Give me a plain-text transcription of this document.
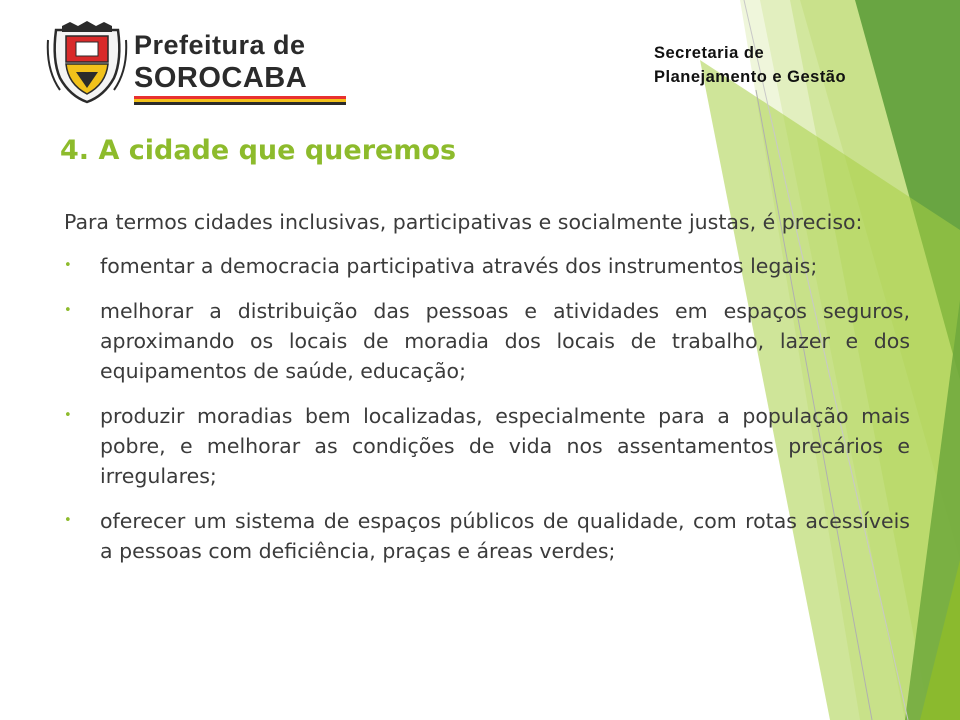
Prefeitura de
SOROCABA
Secretaria de
Planejamento e Gestão
4. A cidade que queremos

Para termos cidades inclusivas, participativas e socialmente justas, é preciso:

• fomentar a democracia participativa através dos instrumentos legais;
• melhorar a distribuição das pessoas e atividades em espaços seguros, aproximando os locais de moradia dos locais de trabalho, lazer e dos equipamentos de saúde, educação;
• produzir moradias bem localizadas, especialmente para a população mais pobre, e melhorar as condições de vida nos assentamentos precários e irregulares;
• oferecer um sistema de espaços públicos de qualidade, com rotas acessíveis a pessoas com deficiência, praças e áreas verdes;
